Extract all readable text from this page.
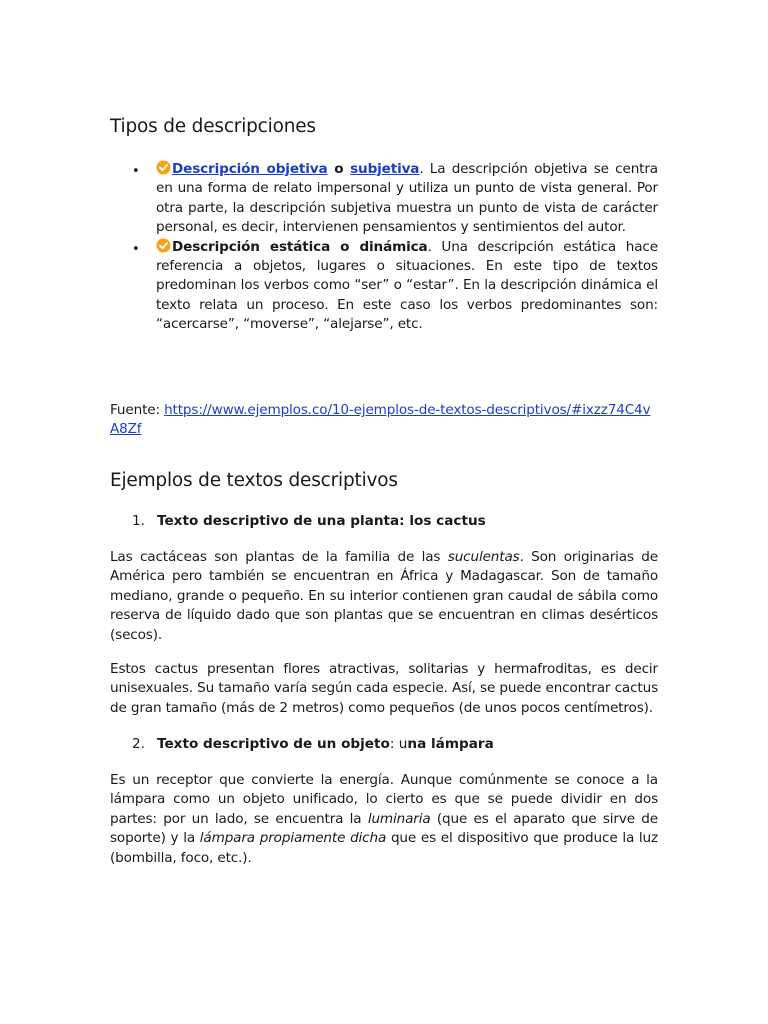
Tipos de descripciones
•	Descripción objetiva o subjetiva. La descripción objetiva se centra en una forma de relato impersonal y utiliza un punto de vista general. Por otra parte, la descripción subjetiva muestra un punto de vista de carácter personal, es decir, intervienen pensamientos y sentimientos del autor.
•	Descripción estática o dinámica. Una descripción estática hace referencia a objetos, lugares o situaciones. En este tipo de textos predominan los verbos como “ser” o “estar”. En la descripción dinámica el texto relata un proceso. En este caso los verbos predominantes son: “acercarse”, “moverse”, “alejarse”, etc.

Fuente: https://www.ejemplos.co/10-ejemplos-de-textos-descriptivos/#ixzz74C4vA8Zf

Ejemplos de textos descriptivos
1. Texto descriptivo de una planta: los cactus

Las cactáceas son plantas de la familia de las suculentas. Son originarias de América pero también se encuentran en África y Madagascar. Son de tamaño mediano, grande o pequeño. En su interior contienen gran caudal de sábila como reserva de líquido dado que son plantas que se encuentran en climas desérticos (secos).

Estos cactus presentan flores atractivas, solitarias y hermafroditas, es decir unisexuales. Su tamaño varía según cada especie. Así, se puede encontrar cactus de gran tamaño (más de 2 metros) como pequeños (de unos pocos centímetros).

2. Texto descriptivo de un objeto: una lámpara

Es un receptor que convierte la energía. Aunque comúnmente se conoce a la lámpara como un objeto unificado, lo cierto es que se puede dividir en dos partes: por un lado, se encuentra la luminaria (que es el aparato que sirve de soporte) y la lámpara propiamente dicha que es el dispositivo que produce la luz (bombilla, foco, etc.).
